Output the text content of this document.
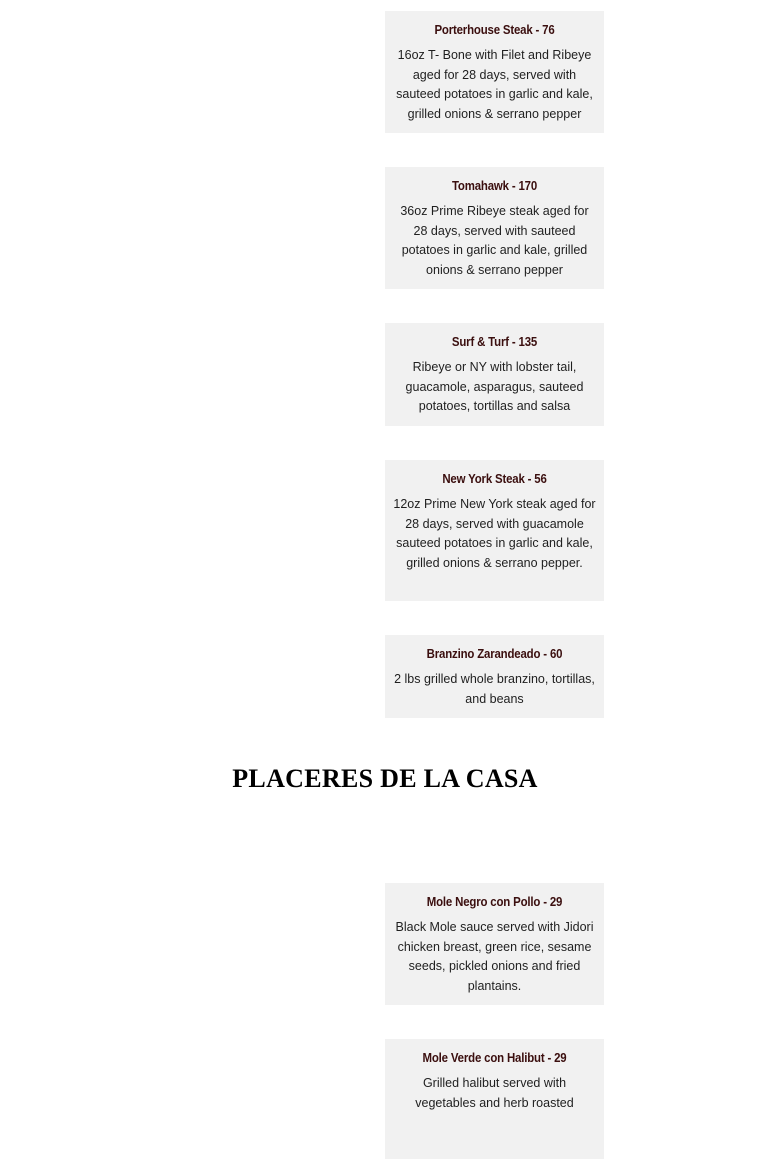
Porterhouse Steak - 76

16oz T- Bone with Filet and Ribeye aged for 28 days, served with sauteed potatoes in garlic and kale, grilled onions & serrano pepper

Tomahawk - 170

36oz Prime Ribeye steak aged for 28 days, served with sauteed potatoes in garlic and kale, grilled onions & serrano pepper

Surf & Turf - 135

Ribeye or NY with lobster tail, guacamole, asparagus, sauteed potatoes, tortillas and salsa

New York Steak - 56

12oz Prime New York steak aged for 28 days, served with guacamole sauteed potatoes in garlic and kale, grilled onions & serrano pepper.

Branzino Zarandeado - 60

2 lbs grilled whole branzino, tortillas, and beans

PLACERES DE LA CASA
Mole Negro con Pollo - 29

Black Mole sauce served with Jidori chicken breast, green rice, sesame seeds, pickled onions and fried plantains.

Mole Verde con Halibut - 29

Grilled halibut served with vegetables and herb roasted
